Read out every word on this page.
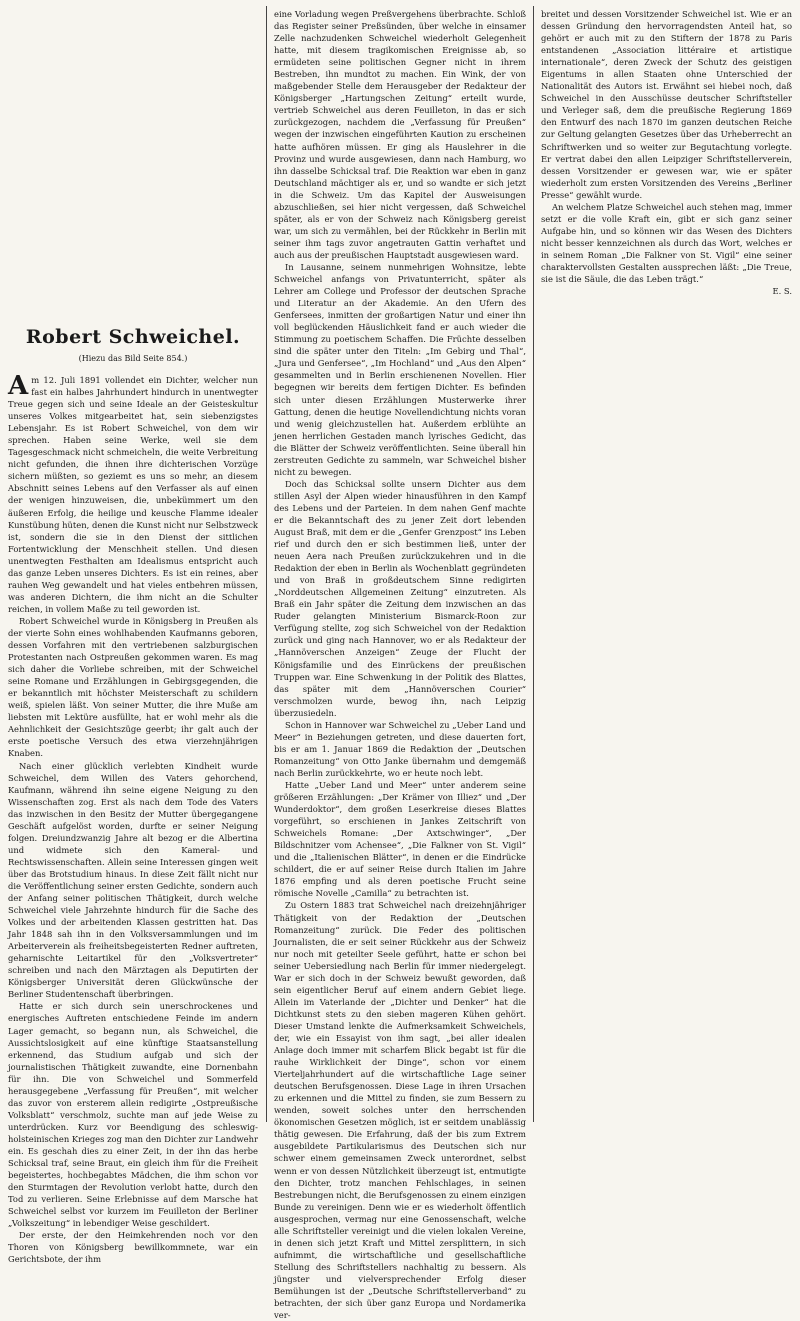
Robert Schweichel.
(Hiezu das Bild Seite 854.)

Am 12. Juli 1891 vollendet ein Dichter, welcher nun fast ein halbes Jahrhundert hindurch in unentwegter Treue gegen sich und seine Ideale an der Geisteskultur unseres Volkes mitgearbeitet hat, sein siebenzigstes Lebensjahr. Es ist Robert Schweichel, von dem wir sprechen. Haben seine Werke, weil sie dem Tagesgeschmack nicht schmeicheln, die weite Verbreitung nicht gefunden, die ihnen ihre dichterischen Vorzüge sichern müßten, so geziemt es uns so mehr, an diesem Abschnitt seines Lebens auf den Verfasser als auf einen der wenigen hinzuweisen, die, unbekümmert um den äußeren Erfolg, die heilige und keusche Flamme idealer Kunstübung hüten, denen die Kunst nicht nur Selbstzweck ist, sondern die sie in den Dienst der sittlichen Fortentwicklung der Menschheit stellen. Und diesen unentwegten Festhalten am Idealismus entspricht auch das ganze Leben unseres Dichters. Es ist ein reines, aber rauhen Weg gewandelt und hat vieles entbehren müssen, was anderen Dichtern, die ihm nicht an die Schulter reichen, in vollem Maße zu teil geworden ist.

Robert Schweichel wurde in Königsberg in Preußen als der vierte Sohn eines wohlhabenden Kaufmanns geboren, dessen Vorfahren mit den vertriebenen salzburgischen Protestanten nach Ostpreußen gekommen waren. Es mag sich daher die Vorliebe schreiben, mit der Schweichel seine Romane und Erzählungen in Gebirgsgegenden, die er bekanntlich mit höchster Meisterschaft zu schildern weiß, spielen läßt. Von seiner Mutter, die ihre Muße am liebsten mit Lektüre ausfüllte, hat er wohl mehr als die Aehnlichkeit der Gesichtszüge geerbt; ihr galt auch der erste poetische Versuch des etwa vierzehnjährigen Knaben.

Nach einer glücklich verlebten Kindheit wurde Schweichel, dem Willen des Vaters gehorchend, Kaufmann, während ihn seine eigene Neigung zu den Wissenschaften zog. Erst als nach dem Tode des Vaters das inzwischen in den Besitz der Mutter übergegangene Geschäft aufgelöst worden, durfte er seiner Neigung folgen. Dreiundzwanzig Jahre alt bezog er die Albertina und widmete sich den Kameral- und Rechtswissenschaften. Allein seine Interessen gingen weit über das Brotstudium hinaus. In diese Zeit fällt nicht nur die Veröffentlichung seiner ersten Gedichte, sondern auch der Anfang seiner politischen Thätigkeit, durch welche Schweichel viele Jahrzehnte hindurch für die Sache des Volkes und der arbeitenden Klassen gestritten hat. Das Jahr 1848 sah ihn in den Volksversammlungen und im Arbeiterverein als freiheitsbegeisterten Redner auftreten, geharnischte Leitartikel für den „Volksvertreter“ schreiben und nach den Märztagen als Deputirten der Königsberger Universität deren Glückwünsche der Berliner Studentenschaft überbringen.

Hatte er sich durch sein unerschrockenes und energisches Auftreten entschiedene Feinde im andern Lager gemacht, so begann nun, als Schweichel, die Aussichtslosigkeit auf eine künftige Staatsanstellung erkennend, das Studium aufgab und sich der journalistischen Thätigkeit zuwandte, eine Dornenbahn für ihn. Die von Schweichel und Sommerfeld herausgegebene „Verfassung für Preußen“, mit welcher das zuvor von ersterem allein redigirte „Ostpreußische Volksblatt“ verschmolz, suchte man auf jede Weise zu unterdrücken. Kurz vor Beendigung des schleswig-holsteinischen Krieges zog man den Dichter zur Landwehr ein. Es geschah dies zu einer Zeit, in der ihn das herbe Schicksal traf, seine Braut, ein gleich ihm für die Freiheit begeistertes, hochbegabtes Mädchen, die ihm schon vor den Sturmtagen der Revolution verlobt hatte, durch den Tod zu verlieren. Seine Erlebnisse auf dem Marsche hat Schweichel selbst vor kurzem im Feuilleton der Berliner „Volkszeitung“ in lebendiger Weise geschildert.

Der erste, der den Heimkehrenden noch vor den Thoren von Königsberg bewillkommnete, war ein Gerichtsbote, der ihm

eine Vorladung wegen Preßvergehens überbrachte. Schloß das Register seiner Preßsünden, über welche in einsamer Zelle nachzudenken Schweichel wiederholt Gelegenheit hatte, mit diesem tragikomischen Ereignisse ab, so ermüdeten seine politischen Gegner nicht in ihrem Bestreben, ihn mundtot zu machen. Ein Wink, der von maßgebender Stelle dem Herausgeber der Redakteur der Königsberger „Hartungschen Zeitung“ erteilt wurde, vertrieb Schweichel aus deren Feuilleton, in das er sich zurückgezogen, nachdem die „Verfassung für Preußen“ wegen der inzwischen eingeführten Kaution zu erscheinen hatte aufhören müssen. Er ging als Hauslehrer in die Provinz und wurde ausgewiesen, dann nach Hamburg, wo ihn dasselbe Schicksal traf. Die Reaktion war eben in ganz Deutschland mächtiger als er, und so wandte er sich jetzt in die Schweiz. Um das Kapitel der Ausweisungen abzuschließen, sei hier nicht vergessen, daß Schweichel später, als er von der Schweiz nach Königsberg gereist war, um sich zu vermählen, bei der Rückkehr in Berlin mit seiner ihm tags zuvor angetrauten Gattin verhaftet und auch aus der preußischen Hauptstadt ausgewiesen ward.

In Lausanne, seinem nunmehrigen Wohnsitze, lebte Schweichel anfangs von Privatunterricht, später als Lehrer am College und Professor der deutschen Sprache und Literatur an der Akademie. An den Ufern des Genfersees, inmitten der großartigen Natur und einer ihn voll beglückenden Häuslichkeit fand er auch wieder die Stimmung zu poetischem Schaffen. Die Früchte desselben sind die später unter den Titeln: „Im Gebirg und Thal“, „Jura und Genfersee“, „Im Hochland“ und „Aus den Alpen“ gesammelten und in Berlin erschienenen Novellen. Hier begegnen wir bereits dem fertigen Dichter. Es befinden sich unter diesen Erzählungen Musterwerke ihrer Gattung, denen die heutige Novellendichtung nichts voran und wenig gleichzustellen hat. Außerdem erblühte an jenen herrlichen Gestaden manch lyrisches Gedicht, das die Blätter der Schweiz veröffentlichten. Seine überall hin zerstreuten Gedichte zu sammeln, war Schweichel bisher nicht zu bewegen.

Doch das Schicksal sollte unsern Dichter aus dem stillen Asyl der Alpen wieder hinausführen in den Kampf des Lebens und der Parteien. In dem nahen Genf machte er die Bekanntschaft des zu jener Zeit dort lebenden August Braß, mit dem er die „Genfer Grenzpost“ ins Leben rief und durch den er sich bestimmen ließ, unter der neuen Aera nach Preußen zurückzukehren und in die Redaktion der eben in Berlin als Wochenblatt gegründeten und von Braß in großdeutschem Sinne redigirten „Norddeutschen Allgemeinen Zeitung“ einzutreten. Als Braß ein Jahr später die Zeitung dem inzwischen an das Ruder gelangten Ministerium Bismarck-Roon zur Verfügung stellte, zog sich Schweichel von der Redaktion zurück und ging nach Hannover, wo er als Redakteur der „Hannöverschen Anzeigen“ Zeuge der Flucht der Königsfamilie und des Einrückens der preußischen Truppen war. Eine Schwenkung in der Politik des Blattes, das später mit dem „Hannöverschen Courier“ verschmolzen wurde, bewog ihn, nach Leipzig überzusiedeln.

Schon in Hannover war Schweichel zu „Ueber Land und Meer“ in Beziehungen getreten, und diese dauerten fort, bis er am 1. Januar 1869 die Redaktion der „Deutschen Romanzeitung“ von Otto Janke übernahm und demgemäß nach Berlin zurückkehrte, wo er heute noch lebt.

Hatte „Ueber Land und Meer“ unter anderem seine größeren Erzählungen: „Der Krämer von Illiez“ und „Der Wunderdoktor“, dem großen Leserkreise dieses Blattes vorgeführt, so erschienen in Jankes Zeitschrift von Schweichels Romane: „Der Axtschwinger“, „Der Bildschnitzer vom Achensee“, „Die Falkner von St. Vigil“ und die „Italienischen Blätter“, in denen er die Eindrücke schildert, die er auf seiner Reise durch Italien im Jahre 1876 empfing und als deren poetische Frucht seine römische Novelle „Camilla“ zu betrachten ist.

Zu Ostern 1883 trat Schweichel nach dreizehnjähriger Thätigkeit von der Redaktion der „Deutschen Romanzeitung“ zurück. Die Feder des politischen Journalisten, die er seit seiner Rückkehr aus der Schweiz nur noch mit geteilter Seele geführt, hatte er schon bei seiner Uebersiedlung nach Berlin für immer niedergelegt. War er sich doch in der Schweiz bewußt geworden, daß sein eigentlicher Beruf auf einem andern Gebiet liege. Allein im Vaterlande der „Dichter und Denker“ hat die Dichtkunst stets zu den sieben mageren Kühen gehört. Dieser Umstand lenkte die Aufmerksamkeit Schweichels, der, wie ein Essayist von ihm sagt, „bei aller idealen Anlage doch immer mit scharfem Blick begabt ist für die rauhe Wirklichkeit der Dinge“, schon vor einem Vierteljahrhundert auf die wirtschaftliche Lage seiner deutschen Berufsgenossen. Diese Lage in ihren Ursachen zu erkennen und die Mittel zu finden, sie zum Bessern zu wenden, soweit solches unter den herrschenden ökonomischen Gesetzen möglich, ist er seitdem unablässig thätig gewesen. Die Erfahrung, daß der bis zum Extrem ausgebildete Partikularismus des Deutschen sich nur schwer einem gemeinsamen Zweck unterordnet, selbst wenn er von dessen Nützlichkeit überzeugt ist, entmutigte den Dichter, trotz manchen Fehlschlages, in seinen Bestrebungen nicht, die Berufsgenossen zu einem einzigen Bunde zu vereinigen. Denn wie er es wiederholt öffentlich ausgesprochen, vermag nur eine Genossenschaft, welche alle Schriftsteller vereinigt und die vielen lokalen Vereine, in denen sich jetzt Kraft und Mittel zersplittern, in sich aufnimmt, die wirtschaftliche und gesellschaftliche Stellung des Schriftstellers nachhaltig zu bessern. Als jüngster und vielversprechender Erfolg dieser Bemühungen ist der „Deutsche Schriftstellerverband“ zu betrachten, der sich über ganz Europa und Nordamerika ver-

breitet und dessen Vorsitzender Schweichel ist. Wie er an dessen Gründung den hervorragendsten Anteil hat, so gehört er auch mit zu den Stiftern der 1878 zu Paris entstandenen „Association littéraire et artistique internationale“, deren Zweck der Schutz des geistigen Eigentums in allen Staaten ohne Unterschied der Nationalität des Autors ist. Erwähnt sei hiebei noch, daß Schweichel in den Ausschüsse deutscher Schriftsteller und Verleger saß, dem die preußische Regierung 1869 den Entwurf des nach 1870 im ganzen deutschen Reiche zur Geltung gelangten Gesetzes über das Urheberrecht an Schriftwerken und so weiter zur Begutachtung vorlegte. Er vertrat dabei den allen Leipziger Schriftstellerverein, dessen Vorsitzender er gewesen war, wie er später wiederholt zum ersten Vorsitzenden des Vereins „Berliner Presse“ gewählt wurde.

An welchem Platze Schweichel auch stehen mag, immer setzt er die volle Kraft ein, gibt er sich ganz seiner Aufgabe hin, und so können wir das Wesen des Dichters nicht besser kennzeichnen als durch das Wort, welches er in seinem Roman „Die Falkner von St. Vigil“ eine seiner charaktervollsten Gestalten aussprechen läßt: „Die Treue, sie ist die Säule, die das Leben trägt.“

E. S.
